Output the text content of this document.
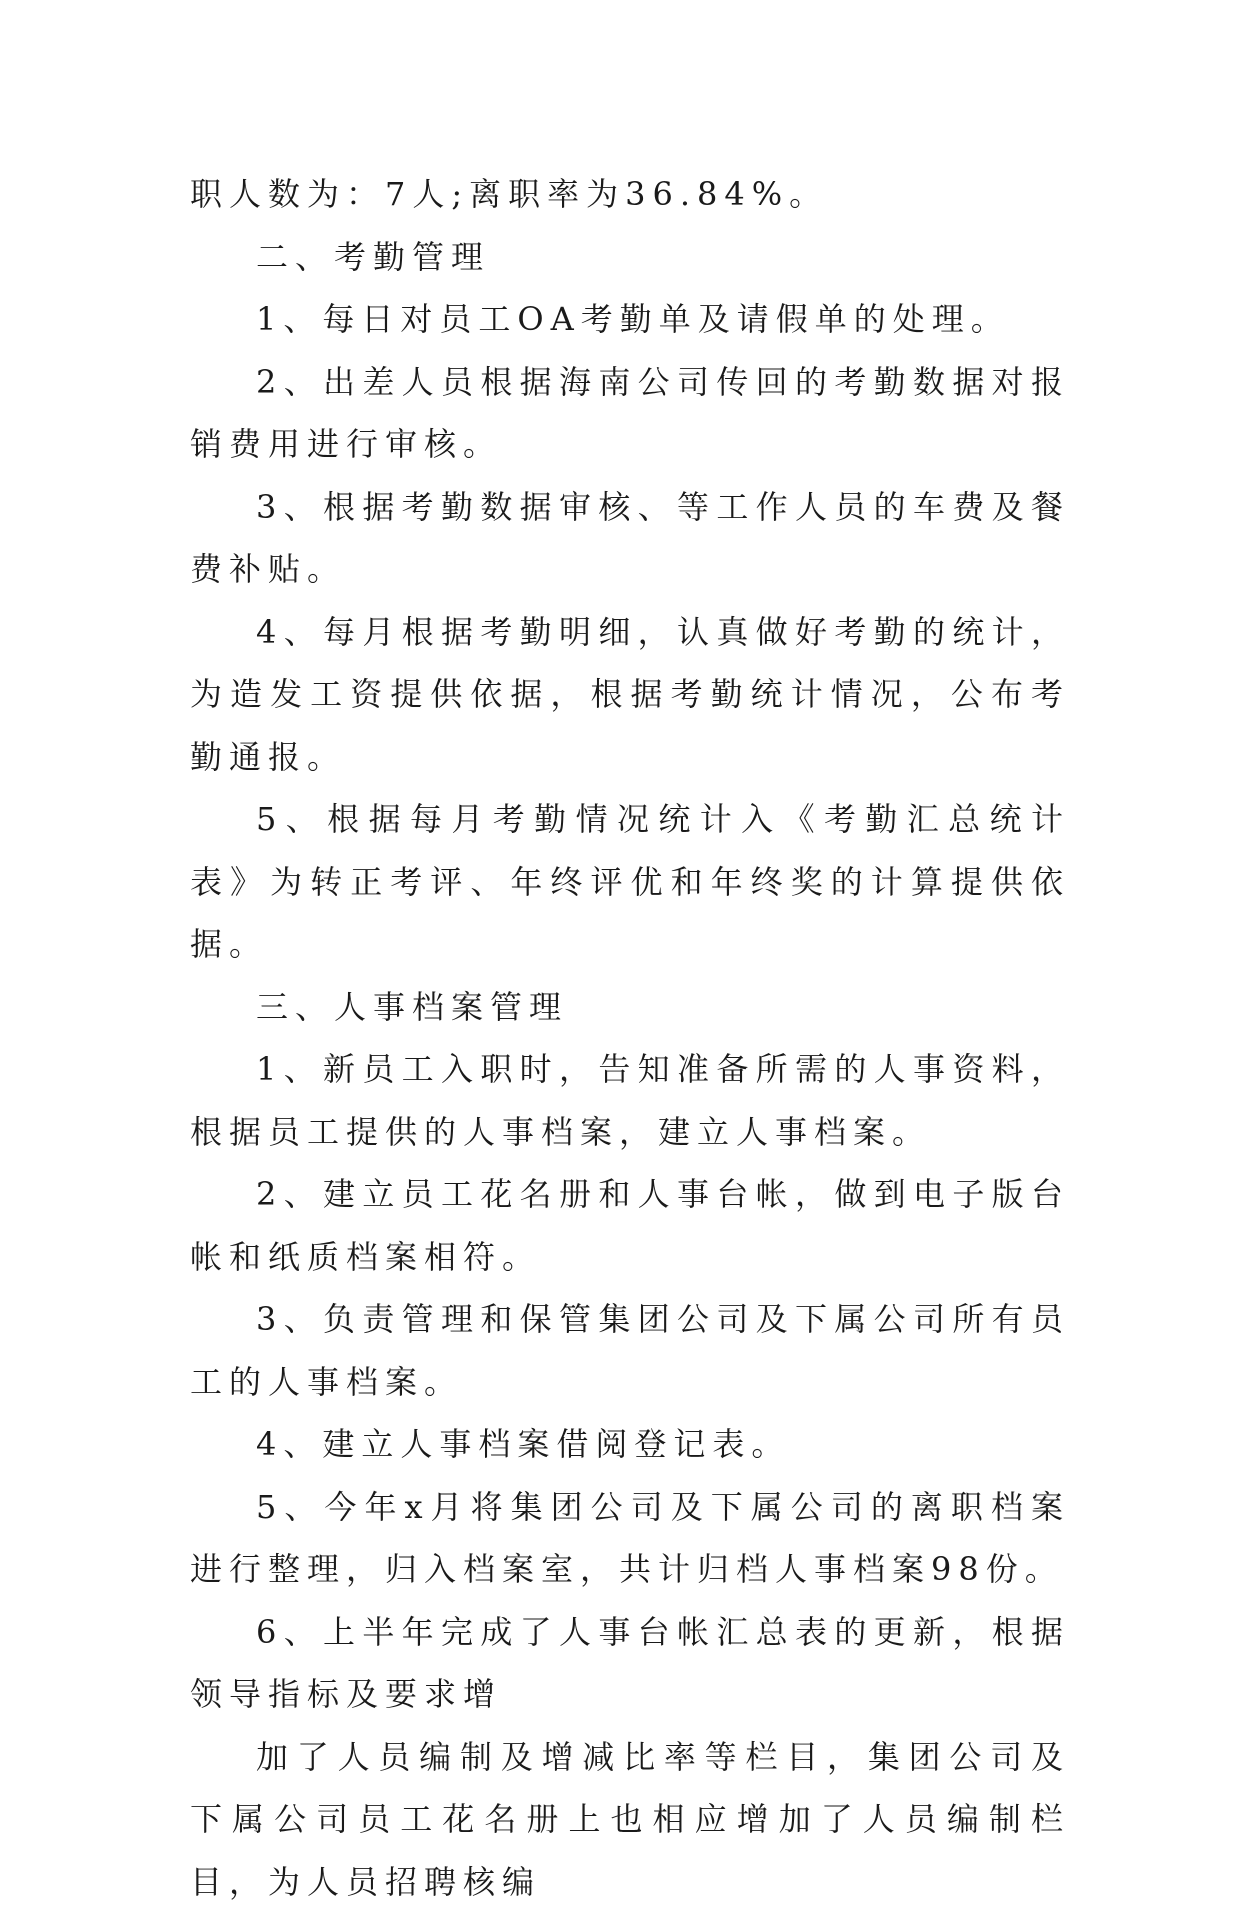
职人数为：7人;离职率为36.84%。

二、考勤管理

1、每日对员工OA考勤单及请假单的处理。

2、出差人员根据海南公司传回的考勤数据对报销费用进行审核。

3、根据考勤数据审核、等工作人员的车费及餐费补贴。

4、每月根据考勤明细，认真做好考勤的统计，为造发工资提供依据，根据考勤统计情况，公布考勤通报。

5、根据每月考勤情况统计入《考勤汇总统计表》为转正考评、年终评优和年终奖的计算提供依据。

三、人事档案管理

1、新员工入职时，告知准备所需的人事资料，根据员工提供的人事档案，建立人事档案。

2、建立员工花名册和人事台帐，做到电子版台帐和纸质档案相符。

3、负责管理和保管集团公司及下属公司所有员工的人事档案。

4、建立人事档案借阅登记表。

5、今年x月将集团公司及下属公司的离职档案进行整理，归入档案室，共计归档人事档案98份。

6、上半年完成了人事台帐汇总表的更新，根据领导指标及要求增

加了人员编制及增减比率等栏目，集团公司及下属公司员工花名册上也相应增加了人员编制栏目，为人员招聘核编
